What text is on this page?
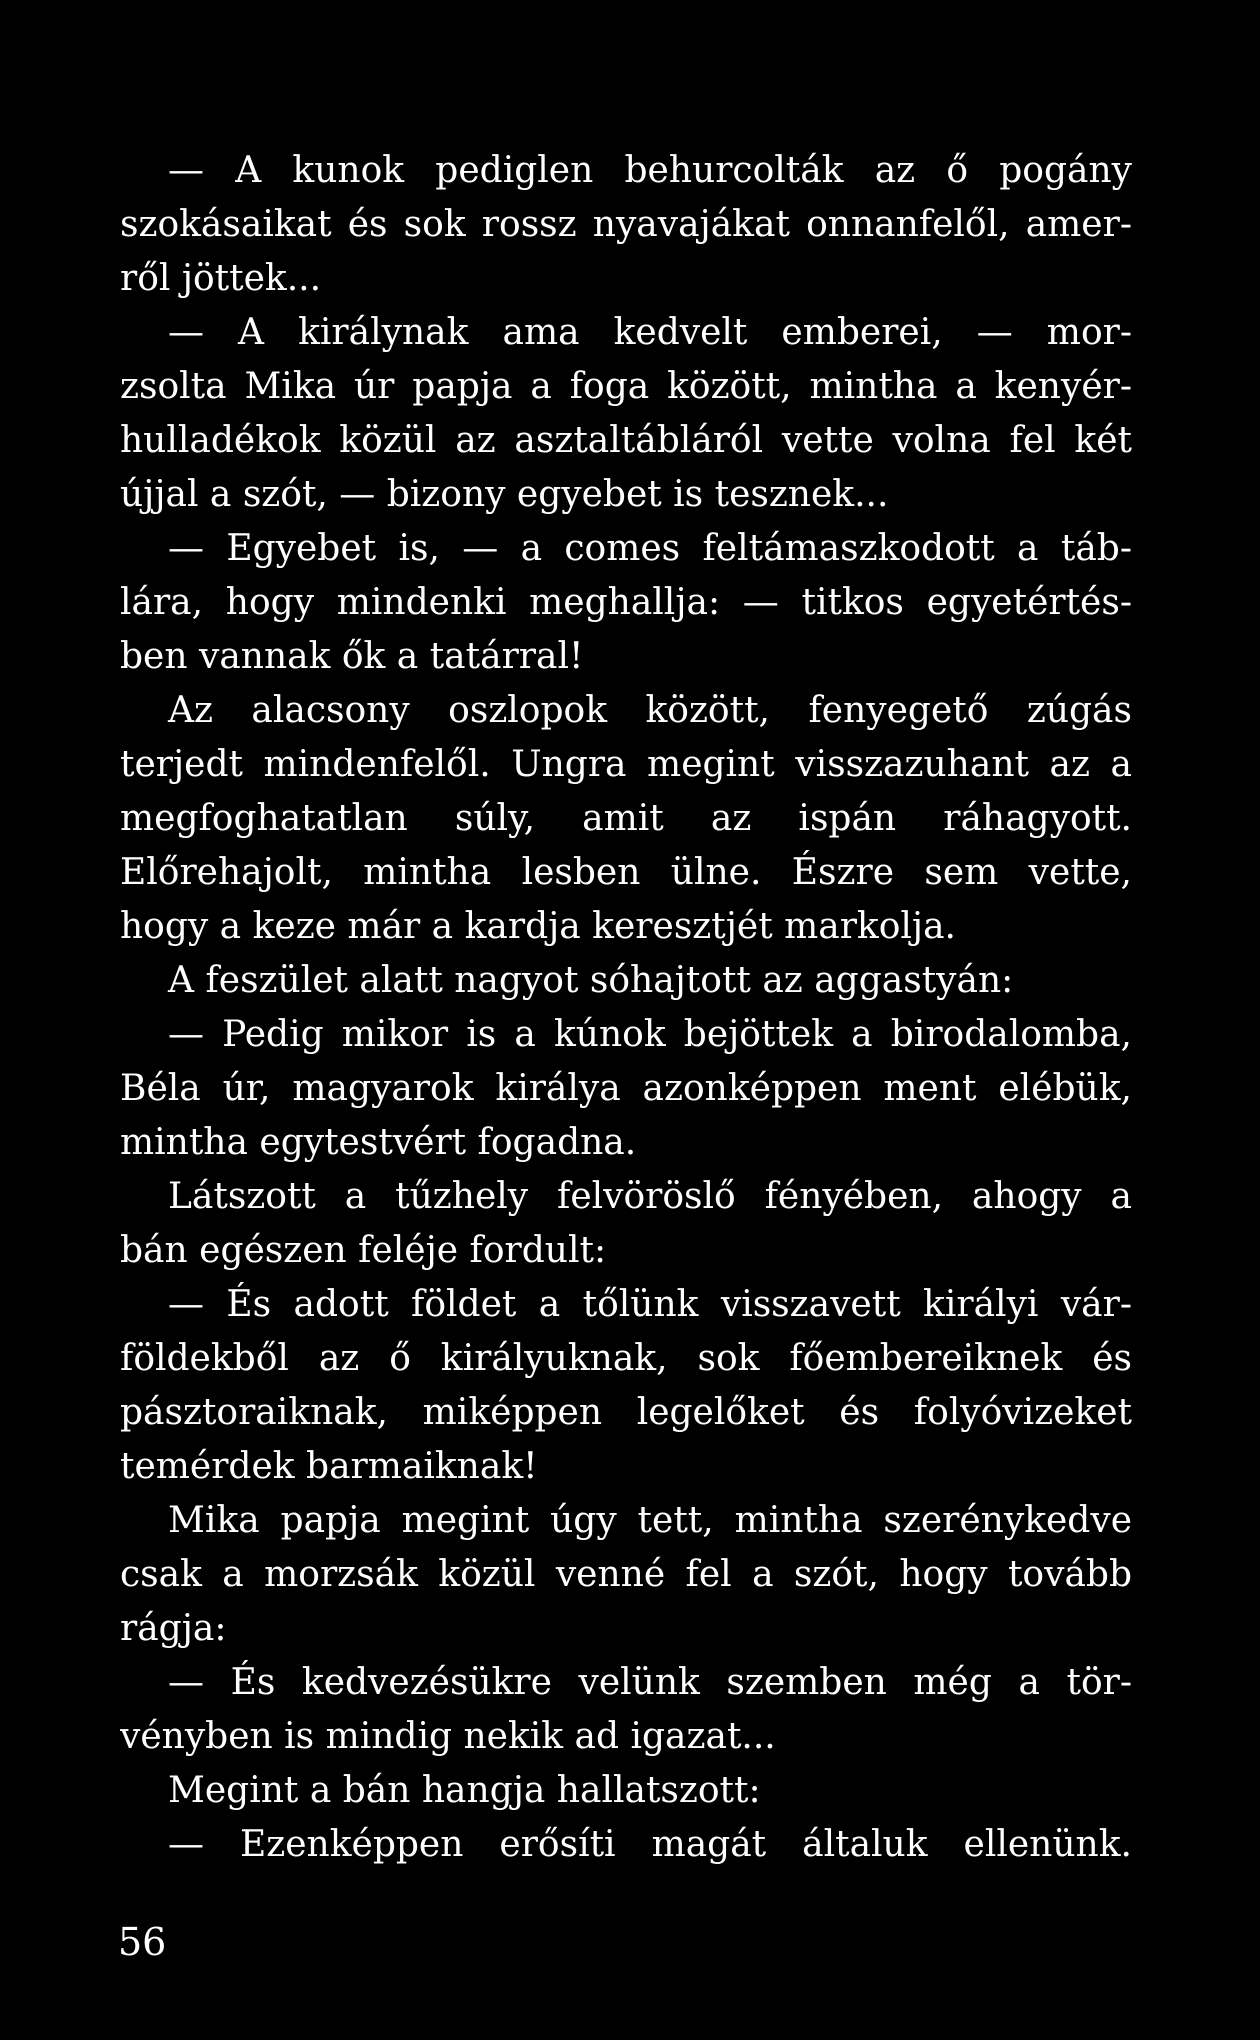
— A kunok pediglen behurcolták az ő pogány
szokásaikat és sok rossz nyavajákat onnanfelől, amer-
ről jöttek...
— A királynak ama kedvelt emberei, — mor-
zsolta Mika úr papja a foga között, mintha a kenyér-
hulladékok közül az asztaltábláról vette volna fel két
újjal a szót, — bizony egyebet is tesznek...
— Egyebet is, — a comes feltámaszkodott a táb-
lára, hogy mindenki meghallja: — titkos egyetértés-
ben vannak ők a tatárral!
Az alacsony oszlopok között, fenyegető zúgás
terjedt mindenfelől. Ungra megint visszazuhant az a
megfoghatatlan súly, amit az ispán ráhagyott.
Előrehajolt, mintha lesben ülne. Észre sem vette,
hogy a keze már a kardja keresztjét markolja.
A feszület alatt nagyot sóhajtott az aggastyán:
— Pedig mikor is a kúnok bejöttek a birodalomba,
Béla úr, magyarok királya azonképpen ment elébük,
mintha egytestvért fogadna.
Látszott a tűzhely felvöröslő fényében, ahogy a
bán egészen feléje fordult:
— És adott földet a tőlünk visszavett királyi vár-
földekből az ő királyuknak, sok főembereiknek és
pásztoraiknak, miképpen legelőket és folyóvizeket
temérdek barmaiknak!
Mika papja megint úgy tett, mintha szerénykedve
csak a morzsák közül venné fel a szót, hogy tovább
rágja:
— És kedvezésükre velünk szemben még a tör-
vényben is mindig nekik ad igazat...
Megint a bán hangja hallatszott:
— Ezenképpen erősíti magát általuk ellenünk.
56
